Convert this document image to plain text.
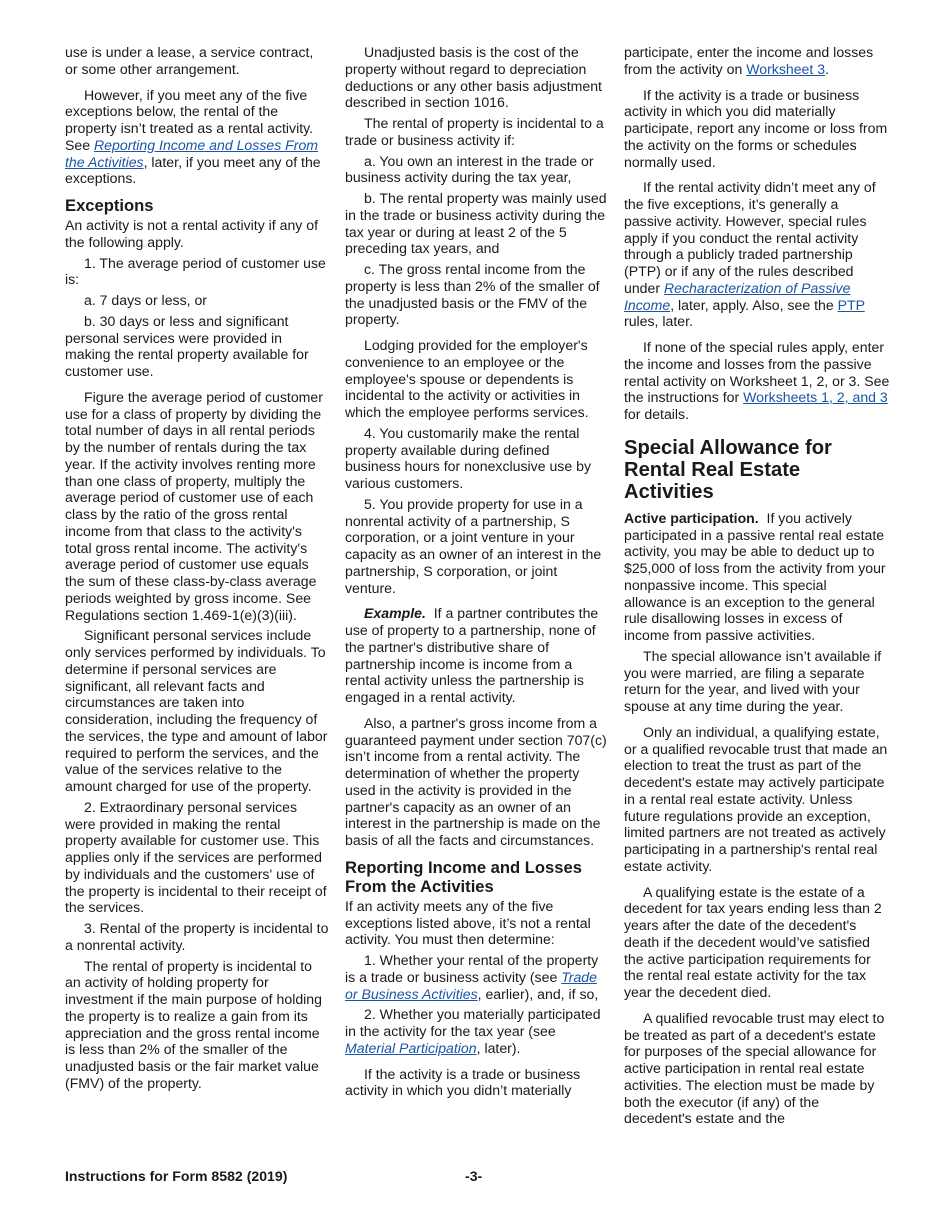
use is under a lease, a service contract, or some other arrangement.

However, if you meet any of the five exceptions below, the rental of the property isn’t treated as a rental activity. See Reporting Income and Losses From the Activities, later, if you meet any of the exceptions.

Exceptions

An activity is not a rental activity if any of the following apply.

1. The average period of customer use is:

a. 7 days or less, or

b. 30 days or less and significant personal services were provided in making the rental property available for customer use.

Figure the average period of customer use for a class of property by dividing the total number of days in all rental periods by the number of rentals during the tax year. If the activity involves renting more than one class of property, multiply the average period of customer use of each class by the ratio of the gross rental income from that class to the activity's total gross rental income. The activity's average period of customer use equals the sum of these class-by-class average periods weighted by gross income. See Regulations section 1.469-1(e)(3)(iii).

Significant personal services include only services performed by individuals. To determine if personal services are significant, all relevant facts and circumstances are taken into consideration, including the frequency of the services, the type and amount of labor required to perform the services, and the value of the services relative to the amount charged for use of the property.

2. Extraordinary personal services were provided in making the rental property available for customer use. This applies only if the services are performed by individuals and the customers' use of the property is incidental to their receipt of the services.

3. Rental of the property is incidental to a nonrental activity.

The rental of property is incidental to an activity of holding property for investment if the main purpose of holding the property is to realize a gain from its appreciation and the gross rental income is less than 2% of the smaller of the unadjusted basis or the fair market value (FMV) of the property.

Unadjusted basis is the cost of the property without regard to depreciation deductions or any other basis adjustment described in section 1016.

The rental of property is incidental to a trade or business activity if:

a. You own an interest in the trade or business activity during the tax year,

b. The rental property was mainly used in the trade or business activity during the tax year or during at least 2 of the 5 preceding tax years, and

c. The gross rental income from the property is less than 2% of the smaller of the unadjusted basis or the FMV of the property.

Lodging provided for the employer's convenience to an employee or the employee's spouse or dependents is incidental to the activity or activities in which the employee performs services.

4. You customarily make the rental property available during defined business hours for nonexclusive use by various customers.

5. You provide property for use in a nonrental activity of a partnership, S corporation, or a joint venture in your capacity as an owner of an interest in the partnership, S corporation, or joint venture.

Example. If a partner contributes the use of property to a partnership, none of the partner's distributive share of partnership income is income from a rental activity unless the partnership is engaged in a rental activity.

Also, a partner's gross income from a guaranteed payment under section 707(c) isn’t income from a rental activity. The determination of whether the property used in the activity is provided in the partner's capacity as an owner of an interest in the partnership is made on the basis of all the facts and circumstances.

Reporting Income and Losses From the Activities

If an activity meets any of the five exceptions listed above, it’s not a rental activity. You must then determine:

1. Whether your rental of the property is a trade or business activity (see Trade or Business Activities, earlier), and, if so,

2. Whether you materially participated in the activity for the tax year (see Material Participation, later).

If the activity is a trade or business activity in which you didn’t materially

participate, enter the income and losses from the activity on Worksheet 3.

If the activity is a trade or business activity in which you did materially participate, report any income or loss from the activity on the forms or schedules normally used.

If the rental activity didn’t meet any of the five exceptions, it’s generally a passive activity. However, special rules apply if you conduct the rental activity through a publicly traded partnership (PTP) or if any of the rules described under Recharacterization of Passive Income, later, apply. Also, see the PTP rules, later.

If none of the special rules apply, enter the income and losses from the passive rental activity on Worksheet 1, 2, or 3. See the instructions for Worksheets 1, 2, and 3 for details.

Special Allowance for Rental Real Estate Activities

Active participation. If you actively participated in a passive rental real estate activity, you may be able to deduct up to $25,000 of loss from the activity from your nonpassive income. This special allowance is an exception to the general rule disallowing losses in excess of income from passive activities.

The special allowance isn’t available if you were married, are filing a separate return for the year, and lived with your spouse at any time during the year.

Only an individual, a qualifying estate, or a qualified revocable trust that made an election to treat the trust as part of the decedent's estate may actively participate in a rental real estate activity. Unless future regulations provide an exception, limited partners are not treated as actively participating in a partnership's rental real estate activity.

A qualifying estate is the estate of a decedent for tax years ending less than 2 years after the date of the decedent's death if the decedent would’ve satisfied the active participation requirements for the rental real estate activity for the tax year the decedent died.

A qualified revocable trust may elect to be treated as part of a decedent's estate for purposes of the special allowance for active participation in rental real estate activities. The election must be made by both the executor (if any) of the decedent's estate and the

Instructions for Form 8582 (2019)	-3-
